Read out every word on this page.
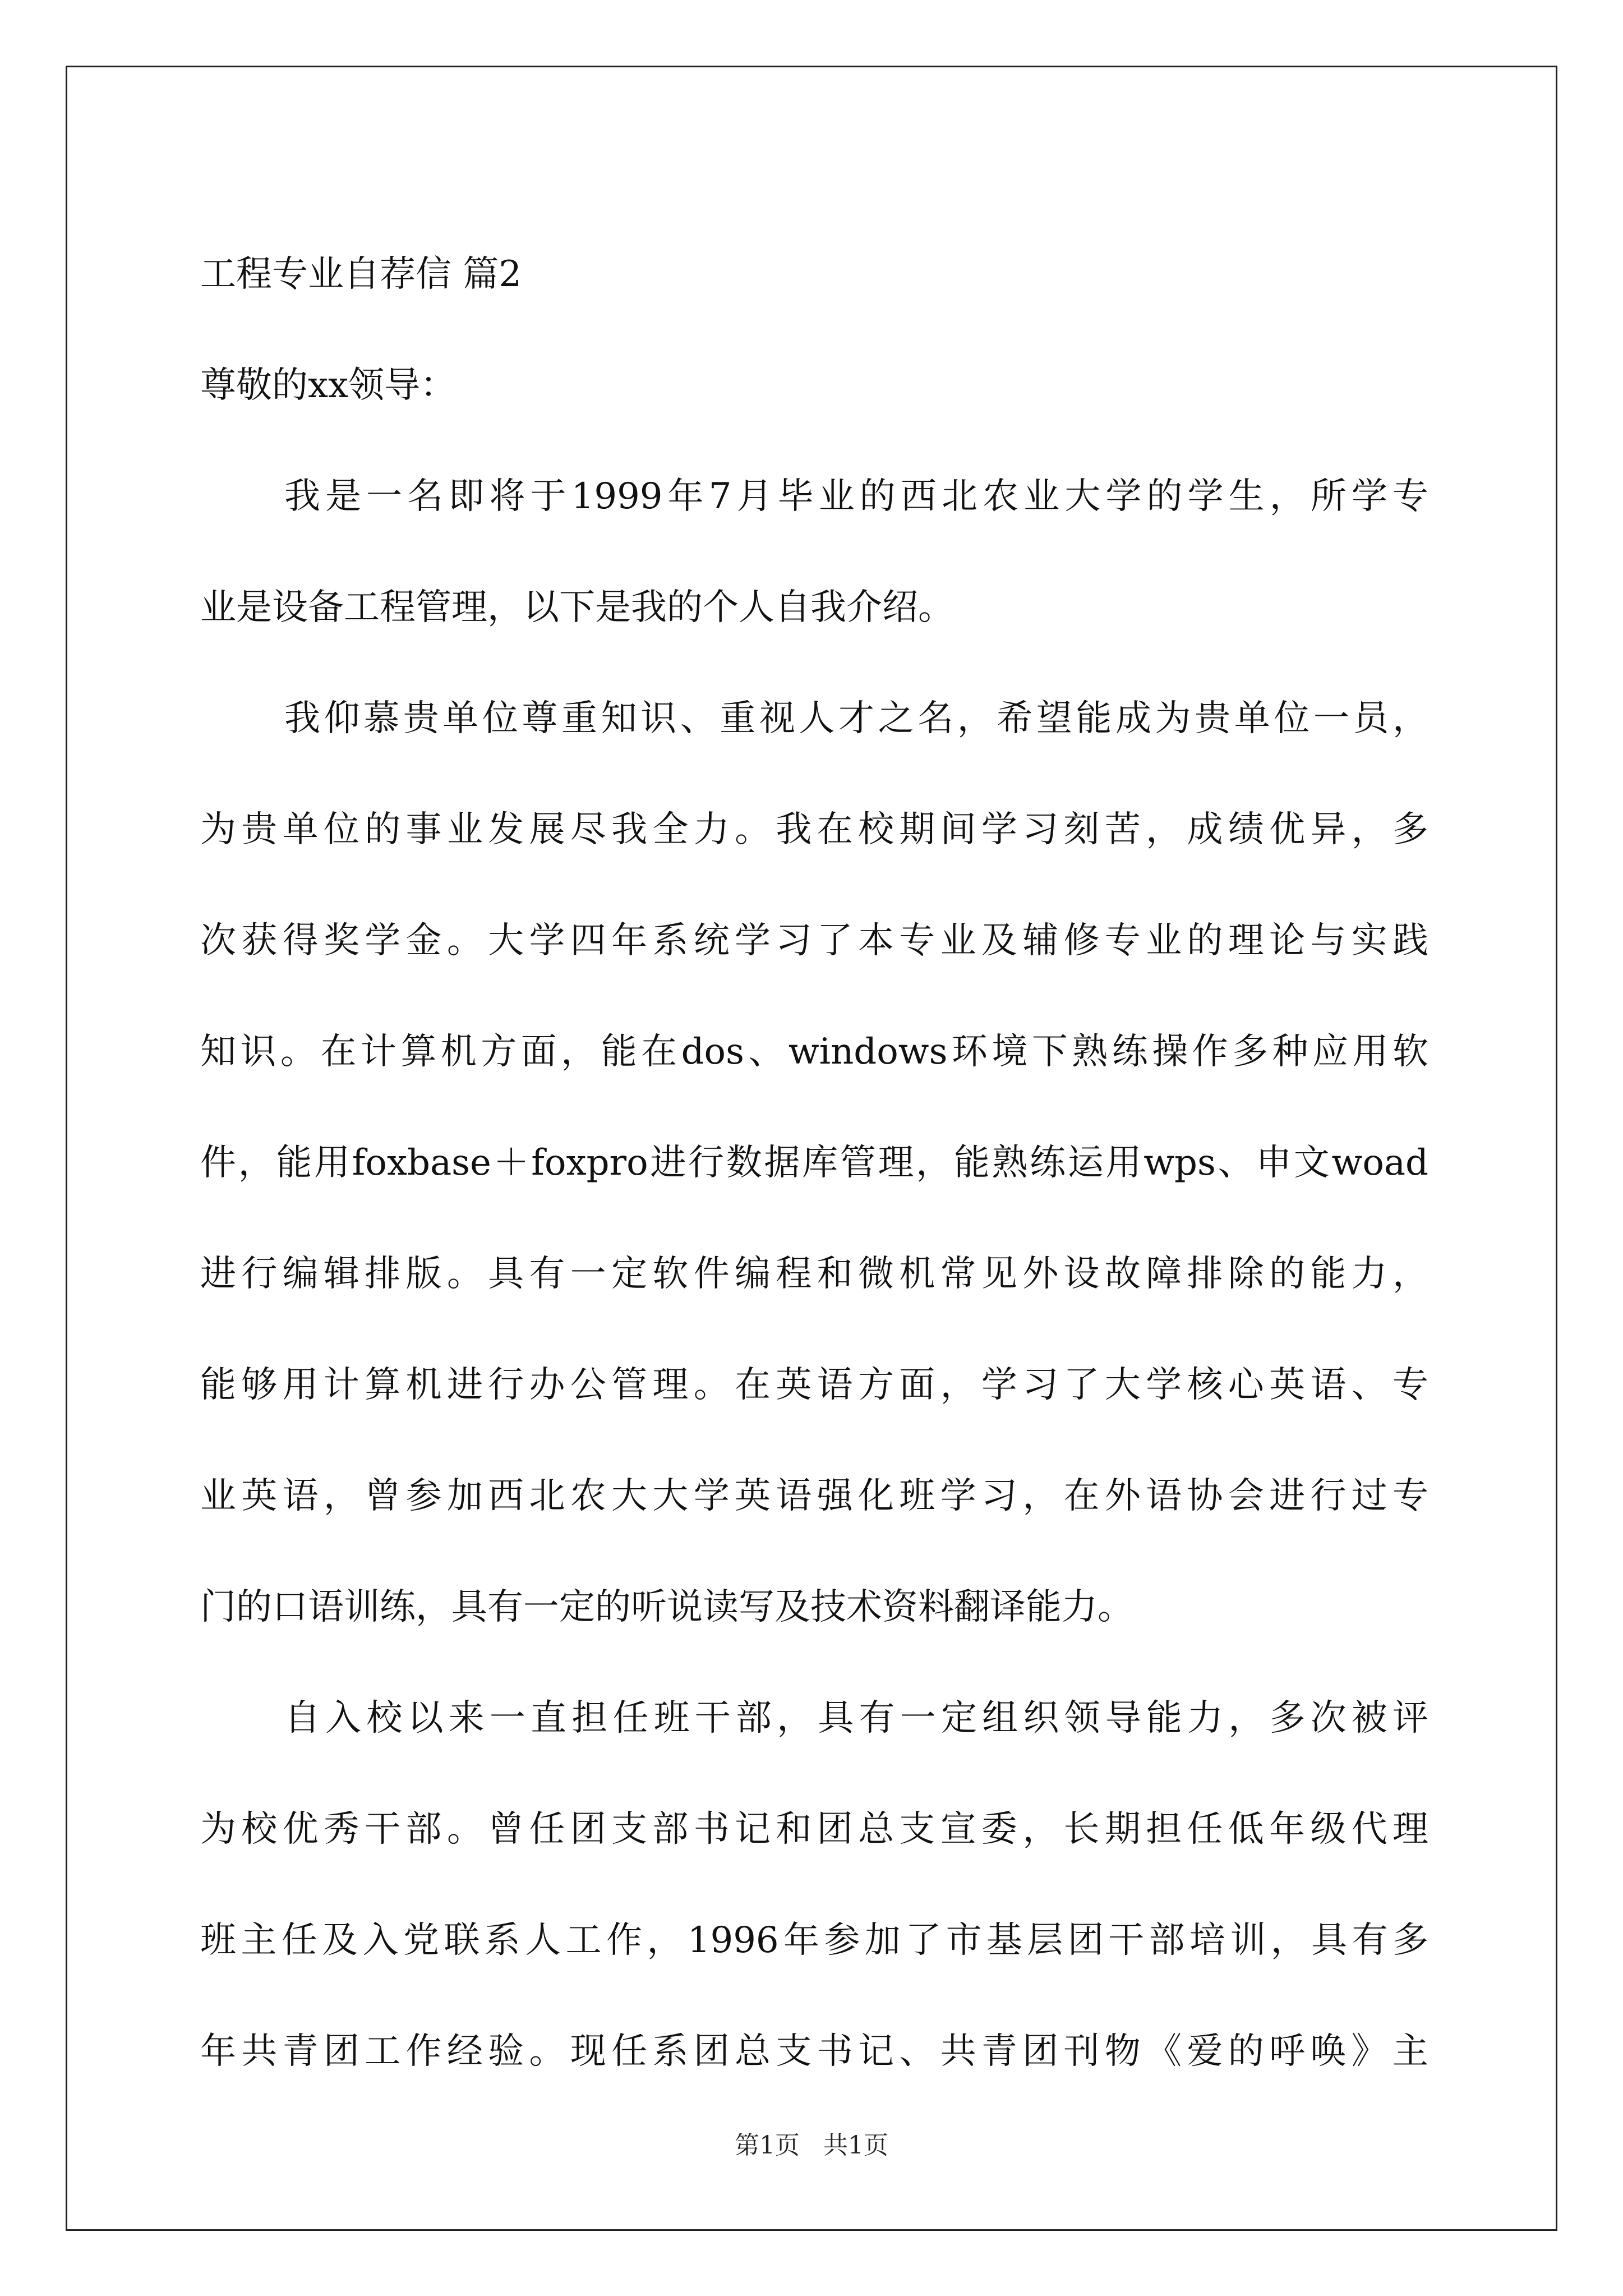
工程专业自荐信 篇2

尊敬的xx领导：

我是一名即将于1999年7月毕业的西北农业大学的学生，所学专

业是设备工程管理，以下是我的个人自我介绍。

我仰慕贵单位尊重知识、重视人才之名，希望能成为贵单位一员，

为贵单位的事业发展尽我全力。我在校期间学习刻苦，成绩优异，多

次获得奖学金。大学四年系统学习了本专业及辅修专业的理论与实践

知识。在计算机方面，能在dos、windows环境下熟练操作多种应用软

件，能用foxbase＋foxpro进行数据库管理，能熟练运用wps、申文woad

进行编辑排版。具有一定软件编程和微机常见外设故障排除的能力，

能够用计算机进行办公管理。在英语方面，学习了大学核心英语、专

业英语，曾参加西北农大大学英语强化班学习，在外语协会进行过专

门的口语训练，具有一定的听说读写及技术资料翻译能力。

自入校以来一直担任班干部，具有一定组织领导能力，多次被评

为校优秀干部。曾任团支部书记和团总支宣委，长期担任低年级代理

班主任及入党联系人工作，1996年参加了市基层团干部培训，具有多

年共青团工作经验。现任系团总支书记、共青团刊物《爱的呼唤》主

第1页   共1页
